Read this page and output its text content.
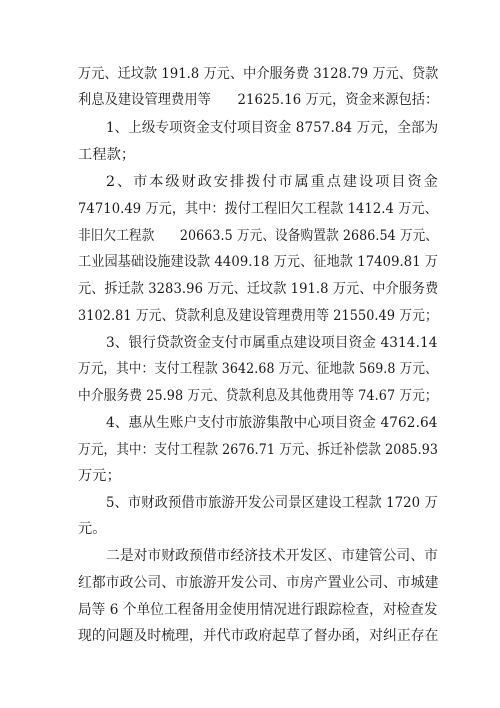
万元、迁坟款 191.8 万元、中介服务费 3128.79 万元、贷款
利息及建设管理费用等　　21625.16 万元，资金来源包括：
1、上级专项资金支付项目资金 8757.84 万元，全部为
工程款；
2、市本级财政安排拨付市属重点建设项目资金
74710.49 万元，其中：拨付工程旧欠工程款 1412.4 万元、
非旧欠工程款　　20663.5 万元、设备购置款 2686.54 万元、
工业园基础设施建设款 4409.18 万元、征地款 17409.81 万
元、拆迁款 3283.96 万元、迁坟款 191.8 万元、中介服务费
3102.81 万元、贷款利息及建设管理费用等 21550.49 万元；
3、银行贷款资金支付市属重点建设项目资金 4314.14
万元，其中：支付工程款 3642.68 万元、征地款 569.8 万元、
中介服务费 25.98 万元、贷款利息及其他费用等 74.67 万元；
4、惠从生账户支付市旅游集散中心项目资金 4762.64
万元，其中：支付工程款 2676.71 万元、拆迁补偿款 2085.93
万元；
5、市财政预借市旅游开发公司景区建设工程款 1720 万
元。
二是对市财政预借市经济技术开发区、市建管公司、市
红都市政公司、市旅游开发公司、市房产置业公司、市城建
局等 6 个单位工程备用金使用情况进行跟踪检查，对检查发
现的问题及时梳理，并代市政府起草了督办函，对纠正存在
